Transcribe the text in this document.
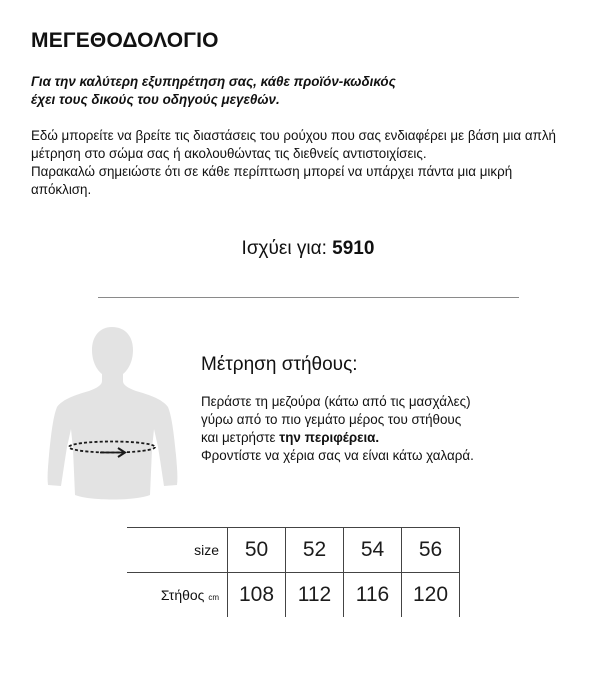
ΜΕΓΕΘΟΔΟΛΟΓΙΟ
Για την καλύτερη εξυπηρέτηση σας, κάθε προϊόν-κωδικός
έχει τους δικούς του οδηγούς μεγεθών.

Εδώ μπορείτε να βρείτε τις διαστάσεις του ρούχου που σας ενδιαφέρει με βάση μια απλή μέτρηση στο σώμα σας ή ακολουθώντας τις διεθνείς αντιστοιχίσεις.

Παρακαλώ σημειώστε ότι σε κάθε περίπτωση μπορεί να υπάρχει πάντα μια μικρή απόκλιση.

Ισχύει για: 5910
Μέτρηση στήθους:

Περάστε τη μεζούρα (κάτω από τις μασχάλες)

γύρω από το πιο γεμάτο μέρος του στήθους

και μετρήστε την περιφέρεια.

Φροντίστε να χέρια σας να είναι κάτω χαλαρά.

size	50	52	54	56
Στήθος cm	108	112	116	120
